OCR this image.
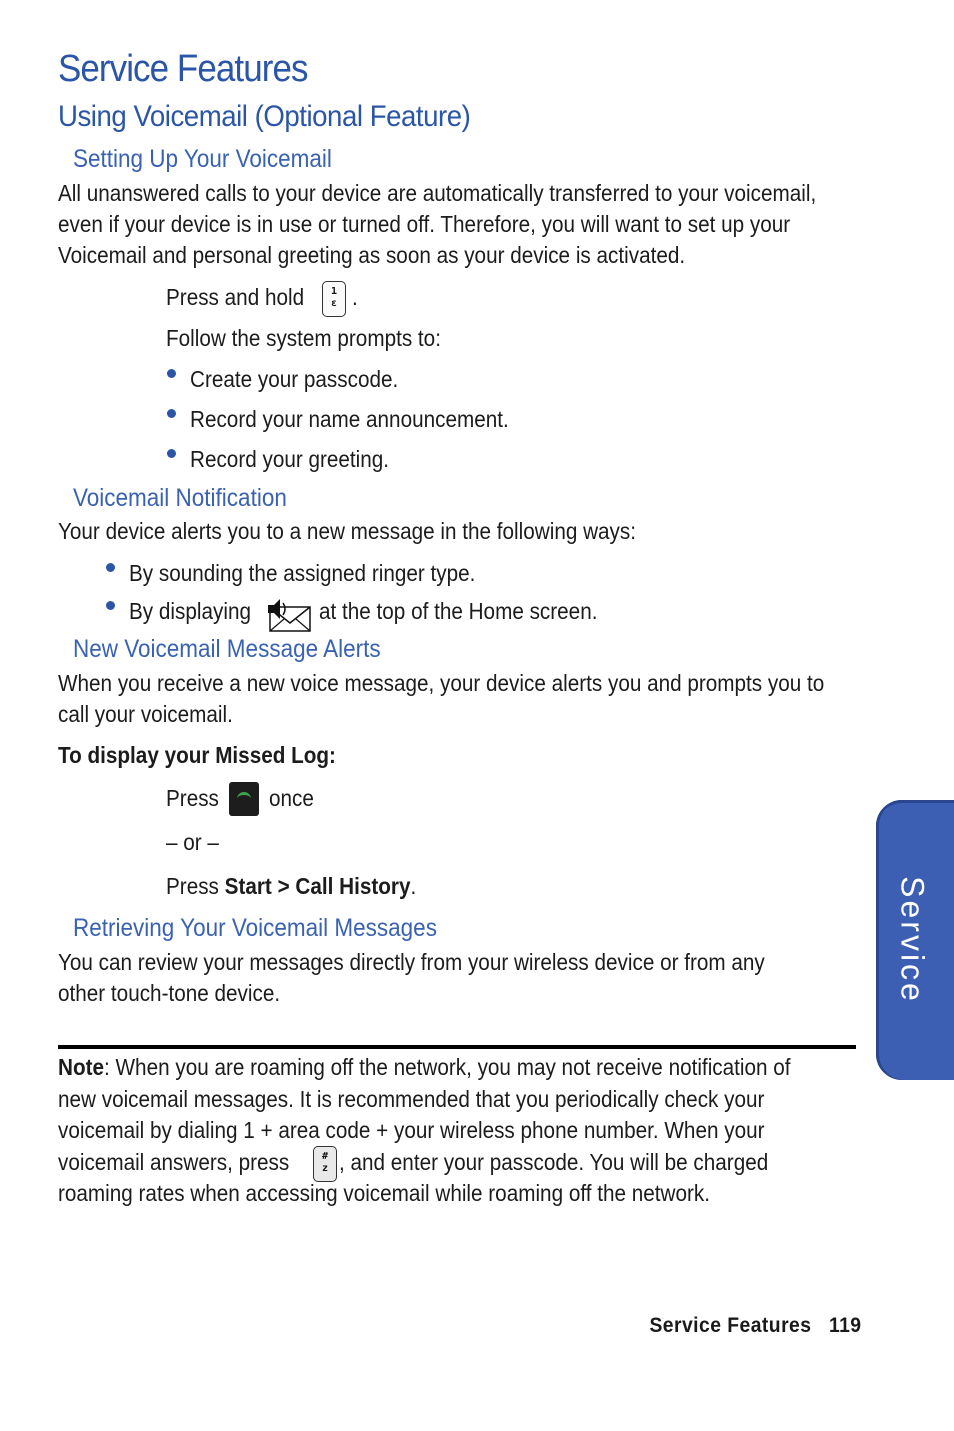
Service Features
Using Voicemail (Optional Feature)
Setting Up Your Voicemail
All unanswered calls to your device are automatically transferred to your voicemail,
even if your device is in use or turned off. Therefore, you will want to set up your
Voicemail and personal greeting as soon as your device is activated.
Press and hold	1
ε .
Follow the system prompts to:
Create your passcode.
Record your name announcement.
Record your greeting.
Voicemail Notification
Your device alerts you to a new message in the following ways:
By sounding the assigned ringer type.
By displaying	at the top of the Home screen.
New Voicemail Message Alerts
When you receive a new voice message, your device alerts you and prompts you to
call your voicemail.
To display your Missed Log:
Press once
– or –
Press Start > Call History.
Retrieving Your Voicemail Messages
You can review your messages directly from your wireless device or from any
other touch-tone device.
Note: When you are roaming off the network, you may not receive notification of
new voicemail messages. It is recommended that you periodically check your
voicemail by dialing 1 + area code + your wireless phone number. When your
voicemail answers, press	#
z , and enter your passcode. You will be charged
roaming rates when accessing voicemail while roaming off the network.
Service
Service Features 119
